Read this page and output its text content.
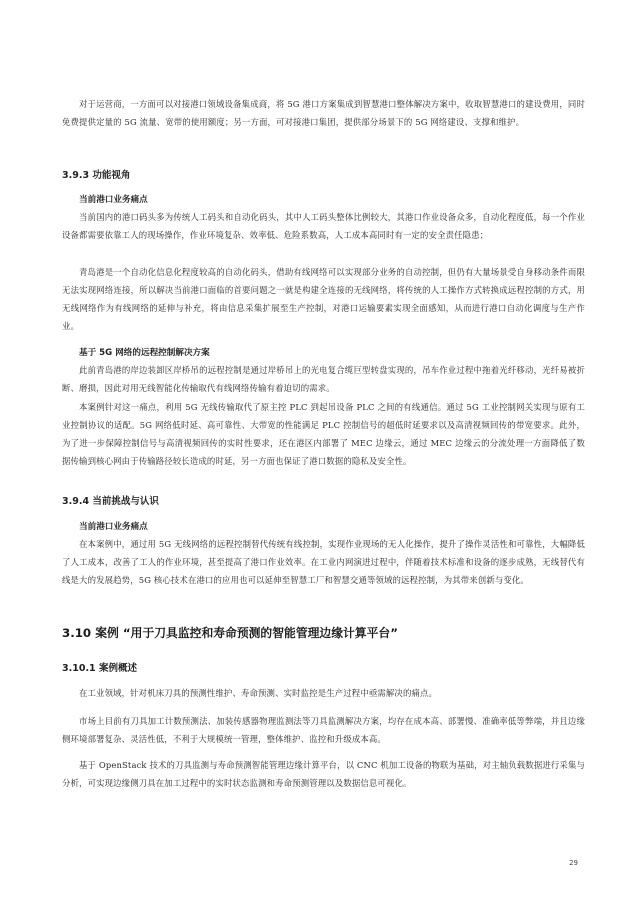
对于运营商，一方面可以对接港口领域设备集成商，将 5G 港口方案集成到智慧港口整体解决方案中，收取智慧港口的建设费用，同时免费提供定量的 5G 流量、宽带的使用额度；另一方面，可对接港口集团，提供部分场景下的 5G 网络建设、支撑和维护。

3.9.3 功能视角
当前港口业务痛点

当前国内的港口码头多为传统人工码头和自动化码头，其中人工码头整体比例较大，其港口作业设备众多，自动化程度低，每一个作业设备都需要依靠工人的现场操作，作业环境复杂、效率低、危险系数高，人工成本高同时有一定的安全责任隐患；

青岛港是一个自动化信息化程度较高的自动化码头，借助有线网络可以实现部分业务的自动控制，但仍有大量场景受自身移动条件而限无法实现网络连接，所以解决当前港口面临的首要问题之一就是构建全连接的无线网络，将传统的人工操作方式转换成远程控制的方式，用无线网络作为有线网络的延伸与补充，将由信息采集扩展至生产控制，对港口运输要素实现全面感知，从而进行港口自动化调度与生产作业。

基于 5G 网络的远程控制解决方案

此前青岛港的岸边装卸区岸桥吊的远程控制是通过岸桥吊上的光电复合缆巨型转盘实现的，吊车作业过程中拖着光纤移动，光纤易被折断、磨损，因此对用无线智能化传输取代有线网络传输有着迫切的需求。

本案例针对这一痛点，利用 5G 无线传输取代了原主控 PLC 到起吊设备 PLC 之间的有线通信。通过 5G 工业控制网关实现与原有工业控制协议的适配。5G 网络低时延、高可靠性、大带宽的性能满足 PLC 控制信号的超低时延要求以及高清视频回传的带宽要求。此外，为了进一步保障控制信号与高清视频回传的实时性要求，还在港区内部署了 MEC 边缘云，通过 MEC 边缘云的分流处理一方面降低了数据传输到核心网由于传输路径较长造成的时延，另一方面也保证了港口数据的隐私及安全性。

3.9.4 当前挑战与认识
当前港口业务痛点

在本案例中，通过用 5G 无线网络的远程控制替代传统有线控制，实现作业现场的无人化操作，提升了操作灵活性和可靠性，大幅降低了人工成本，改善了工人的作业环境，甚至提高了港口作业效率。在工业内网演进过程中，伴随着技术标准和设备的逐步成熟，无线替代有线是大的发展趋势，5G 核心技术在港口的应用也可以延伸至智慧工厂和智慧交通等领域的远程控制，为其带来创新与变化。

3.10 案例 “用于刀具监控和寿命预测的智能管理边缘计算平台”
3.10.1 案例概述

在工业领域，针对机床刀具的预测性维护、寿命预测、实时监控是生产过程中亟需解决的痛点。

市场上目前有刀具加工计数预测法、加装传感器物理监测法等刀具监测解决方案，均存在成本高、部署慢、准确率低等弊端，并且边缘侧环境部署复杂、灵活性低，不利于大规模统一管理，整体维护、监控和升级成本高。

基于 OpenStack 技术的刀具监测与寿命预测智能管理边缘计算平台，以 CNC 机加工设备的物联为基础，对主轴负载数据进行采集与分析，可实现边缘侧刀具在加工过程中的实时状态监测和寿命预测管理以及数据信息可视化。

29
